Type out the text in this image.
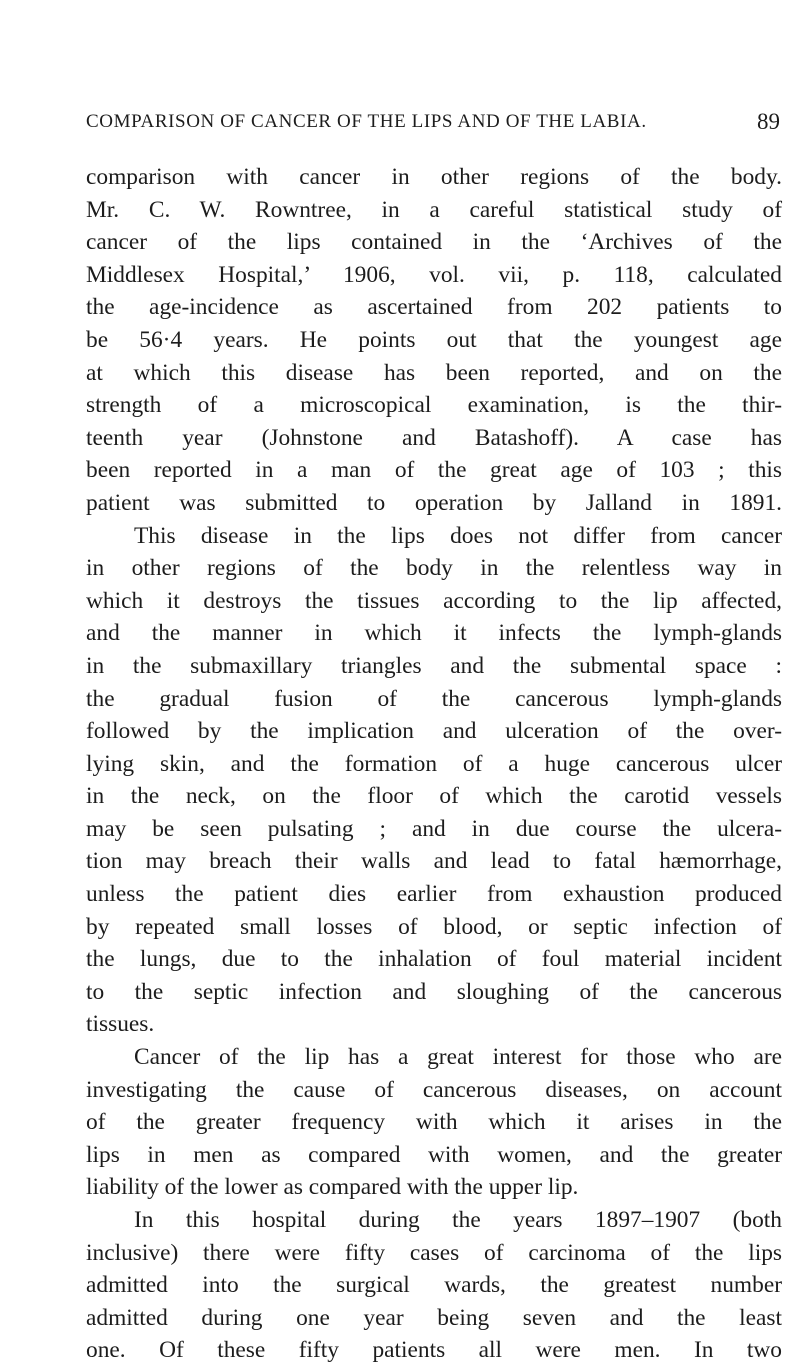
COMPARISON OF CANCER OF THE LIPS AND OF THE LABIA.	89
comparison with cancer in other regions of the body.
Mr. C. W. Rowntree, in a careful statistical study of
cancer of the lips contained in the ‘Archives of the
Middlesex Hospital,’ 1906, vol. vii, p. 118, calculated
the age-incidence as ascertained from 202 patients to
be 56·4 years. He points out that the youngest age
at which this disease has been reported, and on the
strength of a microscopical examination, is the thir-
teenth year (Johnstone and Batashoff). A case has
been reported in a man of the great age of 103 ; this
patient was submitted to operation by Jalland in 1891.
This disease in the lips does not differ from cancer
in other regions of the body in the relentless way in
which it destroys the tissues according to the lip affected,
and the manner in which it infects the lymph-glands
in the submaxillary triangles and the submental space :
the gradual fusion of the cancerous lymph-glands
followed by the implication and ulceration of the over-
lying skin, and the formation of a huge cancerous ulcer
in the neck, on the floor of which the carotid vessels
may be seen pulsating ; and in due course the ulcera-
tion may breach their walls and lead to fatal hæmorrhage,
unless the patient dies earlier from exhaustion produced
by repeated small losses of blood, or septic infection of
the lungs, due to the inhalation of foul material incident
to the septic infection and sloughing of the cancerous
tissues.
Cancer of the lip has a great interest for those who are
investigating the cause of cancerous diseases, on account
of the greater frequency with which it arises in the
lips in men as compared with women, and the greater
liability of the lower as compared with the upper lip.
In this hospital during the years 1897–1907 (both
inclusive) there were fifty cases of carcinoma of the lips
admitted into the surgical wards, the greatest number
admitted during one year being seven and the least
one. Of these fifty patients all were men. In two
